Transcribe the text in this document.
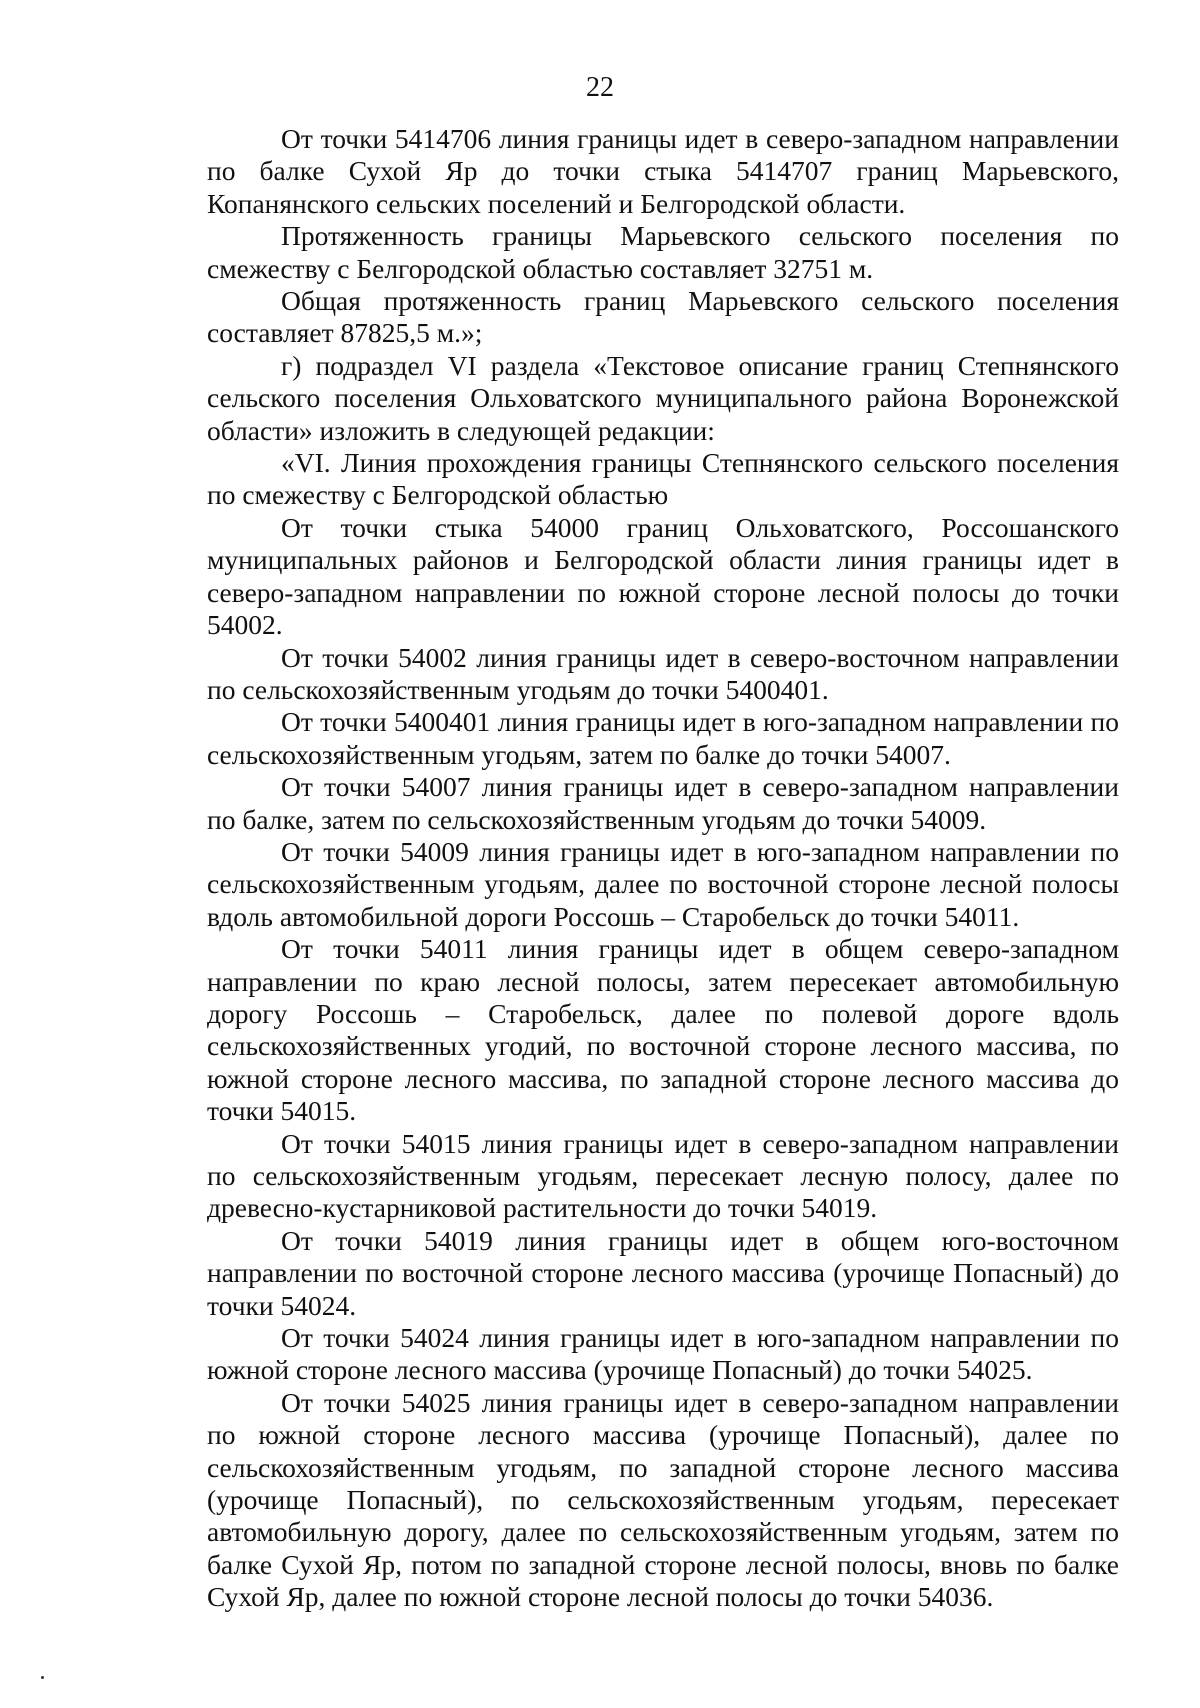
22

От точки 5414706 линия границы идет в северо-западном направлении по балке Сухой Яр до точки стыка 5414707 границ Марьевского, Копанянского сельских поселений и Белгородской области.

Протяженность границы Марьевского сельского поселения по смежеству с Белгородской областью составляет 32751 м.

Общая протяженность границ Марьевского сельского поселения составляет 87825,5 м.»;

г) подраздел VI раздела «Текстовое описание границ Степнянского сельского поселения Ольховатского муниципального района Воронежской области» изложить в следующей редакции:

«VI. Линия прохождения границы Степнянского сельского поселения по смежеству с Белгородской областью

От точки стыка 54000 границ Ольховатского, Россошанского муниципальных районов и Белгородской области линия границы идет в северо-западном направлении по южной стороне лесной полосы до точки 54002.

От точки 54002 линия границы идет в северо-восточном направлении по сельскохозяйственным угодьям до точки 5400401.

От точки 5400401 линия границы идет в юго-западном направлении по сельскохозяйственным угодьям, затем по балке до точки 54007.

От точки 54007 линия границы идет в северо-западном направлении по балке, затем по сельскохозяйственным угодьям до точки 54009.

От точки 54009 линия границы идет в юго-западном направлении по сельскохозяйственным угодьям, далее по восточной стороне лесной полосы вдоль автомобильной дороги Россошь – Старобельск до точки 54011.

От точки 54011 линия границы идет в общем северо-западном направлении по краю лесной полосы, затем пересекает автомобильную дорогу Россошь – Старобельск, далее по полевой дороге вдоль сельскохозяйственных угодий, по восточной стороне лесного массива, по южной стороне лесного массива, по западной стороне лесного массива до точки 54015.

От точки 54015 линия границы идет в северо-западном направлении по сельскохозяйственным угодьям, пересекает лесную полосу, далее по древесно-кустарниковой растительности до точки 54019.

От точки 54019 линия границы идет в общем юго-восточном направлении по восточной стороне лесного массива (урочище Попасный) до точки 54024.

От точки 54024 линия границы идет в юго-западном направлении по южной стороне лесного массива (урочище Попасный) до точки 54025.

От точки 54025 линия границы идет в северо-западном направлении по южной стороне лесного массива (урочище Попасный), далее по сельскохозяйственным угодьям, по западной стороне лесного массива (урочище Попасный), по сельскохозяйственным угодьям, пересекает автомобильную дорогу, далее по сельскохозяйственным угодьям, затем по балке Сухой Яр, потом по западной стороне лесной полосы, вновь по балке Сухой Яр, далее по южной стороне лесной полосы до точки 54036.
